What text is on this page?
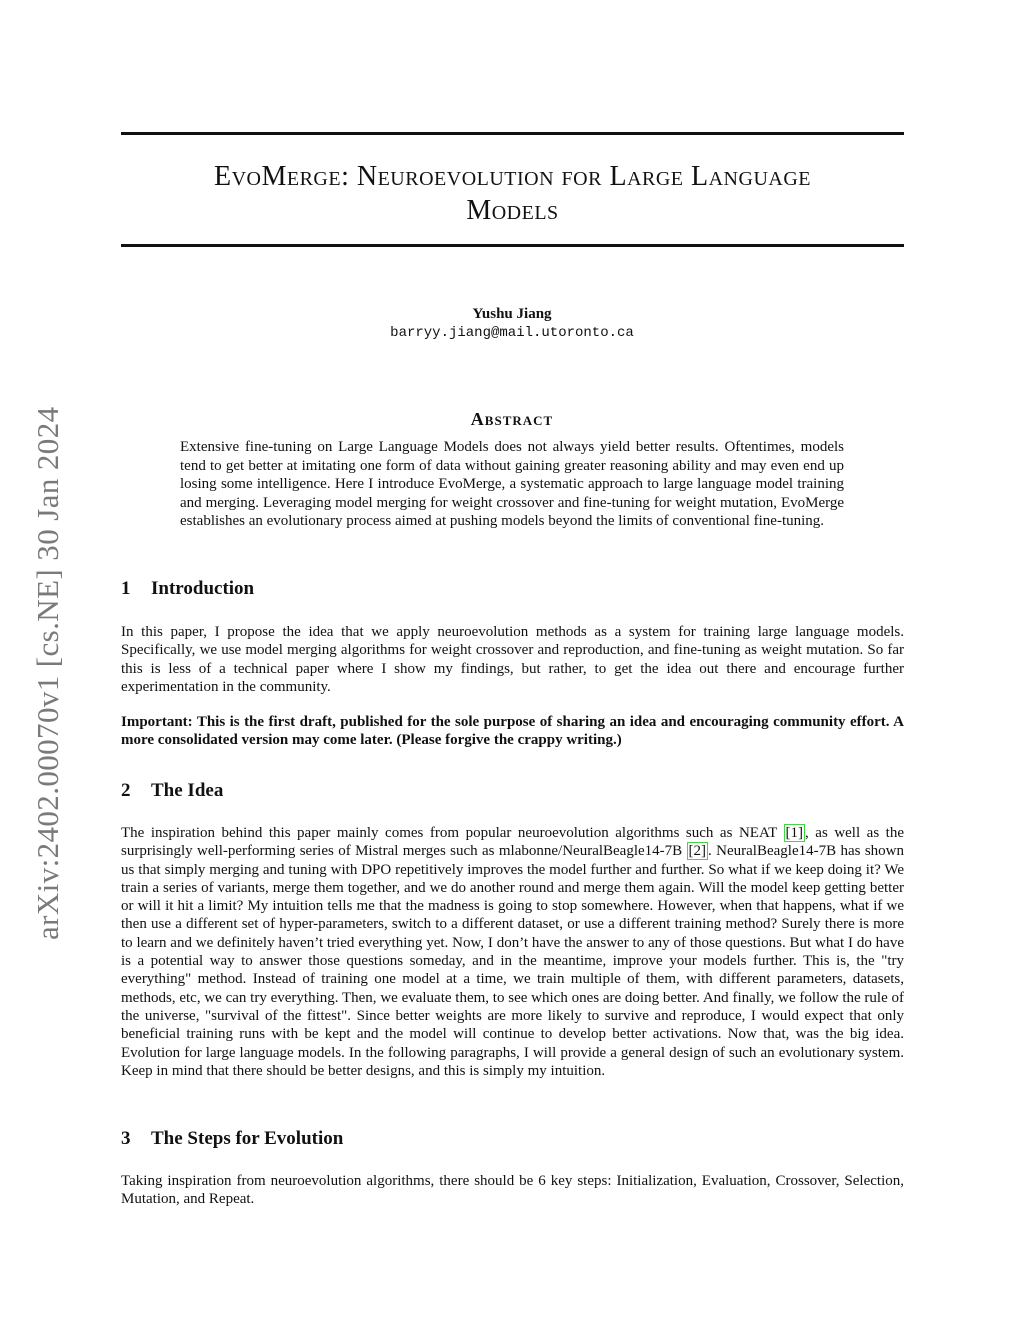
arXiv:2402.00070v1 [cs.NE] 30 Jan 2024
EvoMerge: Neuroevolution for Large Language
Models
Yushu Jiang
barryy.jiang@mail.utoronto.ca
Abstract

Extensive fine-tuning on Large Language Models does not always yield better results. Oftentimes, models tend to get better at imitating one form of data without gaining greater reasoning ability and may even end up losing some intelligence. Here I introduce EvoMerge, a systematic approach to large language model training and merging. Leveraging model merging for weight crossover and fine-tuning for weight mutation, EvoMerge establishes an evolutionary process aimed at pushing models beyond the limits of conventional fine-tuning.

1 Introduction

In this paper, I propose the idea that we apply neuroevolution methods as a system for training large language models. Specifically, we use model merging algorithms for weight crossover and reproduction, and fine-tuning as weight mutation. So far this is less of a technical paper where I show my findings, but rather, to get the idea out there and encourage further experimentation in the community.

Important: This is the first draft, published for the sole purpose of sharing an idea and encouraging community effort. A more consolidated version may come later. (Please forgive the crappy writing.)

2 The Idea

The inspiration behind this paper mainly comes from popular neuroevolution algorithms such as NEAT [1] , as well as the surprisingly well-performing series of Mistral merges such as mlabonne/NeuralBeagle14-7B [2] . NeuralBeagle14-7B has shown us that simply merging and tuning with DPO repetitively improves the model further and further. So what if we keep doing it? We train a series of variants, merge them together, and we do another round and merge them again. Will the model keep getting better or will it hit a limit? My intuition tells me that the madness is going to stop somewhere. However, when that happens, what if we then use a different set of hyper-parameters, switch to a different dataset, or use a different training method? Surely there is more to learn and we definitely haven’t tried everything yet. Now, I don’t have the answer to any of those questions. But what I do have is a potential way to answer those questions someday, and in the meantime, improve your models further. This is, the "try everything" method. Instead of training one model at a time, we train multiple of them, with different parameters, datasets, methods, etc, we can try everything. Then, we evaluate them, to see which ones are doing better. And finally, we follow the rule of the universe, "survival of the fittest". Since better weights are more likely to survive and reproduce, I would expect that only beneficial training runs with be kept and the model will continue to develop better activations. Now that, was the big idea. Evolution for large language models. In the following paragraphs, I will provide a general design of such an evolutionary system. Keep in mind that there should be better designs, and this is simply my intuition.

3 The Steps for Evolution

Taking inspiration from neuroevolution algorithms, there should be 6 key steps: Initialization, Evaluation, Crossover, Selection, Mutation, and Repeat.
